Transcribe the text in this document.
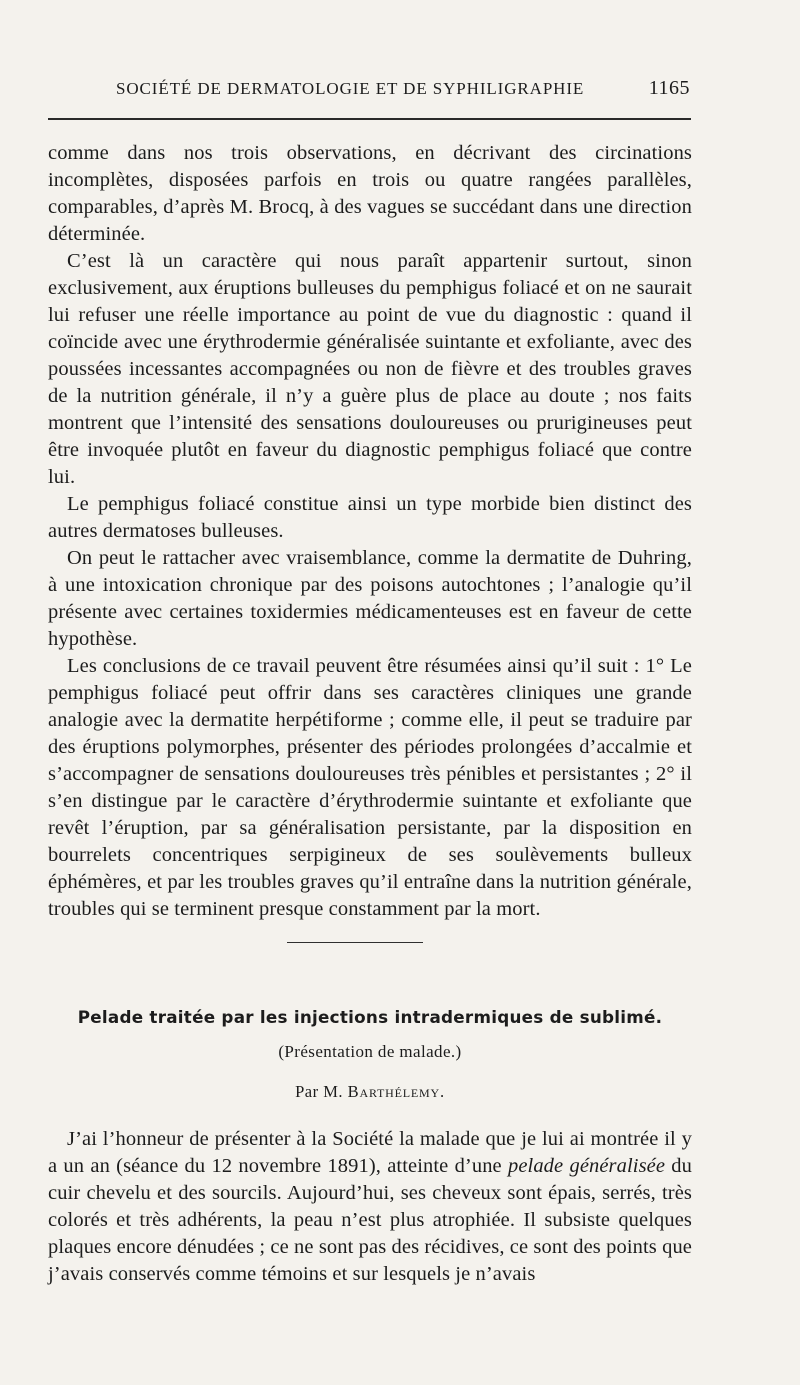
SOCIÉTÉ DE DERMATOLOGIE ET DE SYPHILIGRAPHIE	1165

comme dans nos trois observations, en décrivant des circinations incomplètes, disposées parfois en trois ou quatre rangées parallèles, comparables, d’après M. Brocq, à des vagues se succédant dans une direction déterminée.

C’est là un caractère qui nous paraît appartenir surtout, sinon exclusivement, aux éruptions bulleuses du pemphigus foliacé et on ne saurait lui refuser une réelle importance au point de vue du diagnostic : quand il coïncide avec une érythrodermie généralisée suintante et exfoliante, avec des poussées incessantes accompagnées ou non de fièvre et des troubles graves de la nutrition générale, il n’y a guère plus de place au doute ; nos faits montrent que l’intensité des sensations douloureuses ou prurigineuses peut être invoquée plutôt en faveur du diagnostic pemphigus foliacé que contre lui.

Le pemphigus foliacé constitue ainsi un type morbide bien distinct des autres dermatoses bulleuses.

On peut le rattacher avec vraisemblance, comme la dermatite de Duhring, à une intoxication chronique par des poisons autochtones ; l’analogie qu’il présente avec certaines toxidermies médicamenteuses est en faveur de cette hypothèse.

Les conclusions de ce travail peuvent être résumées ainsi qu’il suit : 1° Le pemphigus foliacé peut offrir dans ses caractères cliniques une grande analogie avec la dermatite herpétiforme ; comme elle, il peut se traduire par des éruptions polymorphes, présenter des périodes prolongées d’accalmie et s’accompagner de sensations douloureuses très pénibles et persistantes ; 2° il s’en distingue par le caractère d’érythrodermie suintante et exfoliante que revêt l’éruption, par sa généralisation persistante, par la disposition en bourrelets concentriques serpigineux de ses soulèvements bulleux éphémères, et par les troubles graves qu’il entraîne dans la nutrition générale, troubles qui se terminent presque constamment par la mort.

Pelade traitée par les injections intradermiques de sublimé.
(Présentation de malade.)
Par M. Barthélemy.

J’ai l’honneur de présenter à la Société la malade que je lui ai montrée il y a un an (séance du 12 novembre 1891), atteinte d’une pelade généralisée du cuir chevelu et des sourcils. Aujourd’hui, ses cheveux sont épais, serrés, très colorés et très adhérents, la peau n’est plus atrophiée. Il subsiste quelques plaques encore dénudées ; ce ne sont pas des récidives, ce sont des points que j’avais conservés comme témoins et sur lesquels je n’avais
